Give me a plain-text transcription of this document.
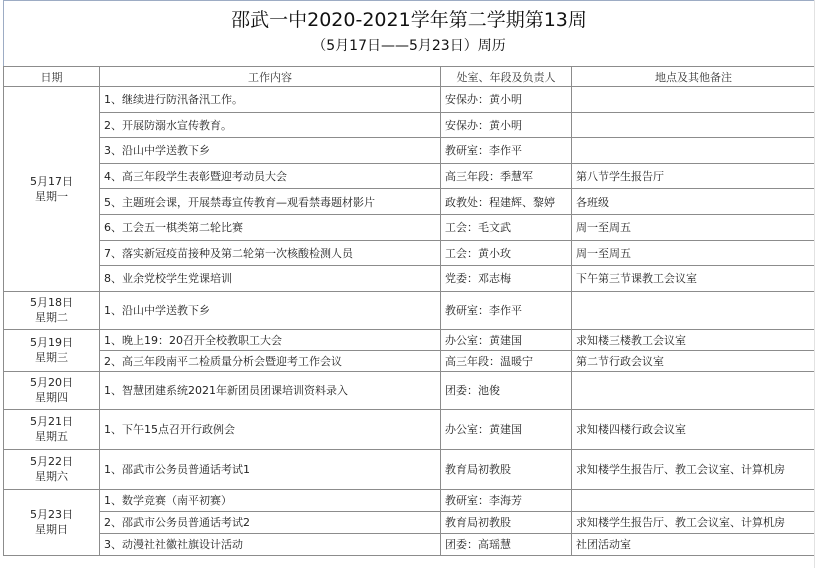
邵武一中2020-2021学年第二学期第13周
（5月17日——5月23日）周历
日期	工作内容	处室、年段及负责人	地点及其他备注

5月17日
星期一	1、继续进行防汛备汛工作。	安保办：黄小明	
	2、开展防溺水宣传教育。	安保办：黄小明	
	3、沿山中学送教下乡	教研室：李作平	
	4、高三年段学生表彰暨迎考动员大会	高三年段：季慧军	第八节学生报告厅
	5、主题班会课，开展禁毒宣传教育—观看禁毒题材影片	政教处：程建辉、黎婷	各班级
	6、工会五一棋类第二轮比赛	工会：毛文武	周一至周五
	7、落实新冠疫苗接种及第二轮第一次核酸检测人员	工会：黄小玫	周一至周五
	8、业余党校学生党课培训	党委：邓志梅	下午第三节课教工会议室

5月18日
星期二	1、沿山中学送教下乡	教研室：李作平	

5月19日
星期三	1、晚上19：20召开全校教职工大会	办公室：黄建国	求知楼三楼教工会议室
	2、高三年段南平二检质量分析会暨迎考工作会议	高三年段：温暖宁	第二节行政会议室

5月20日
星期四	1、智慧团建系统2021年新团员团课培训资料录入	团委：池俊	

5月21日
星期五	1、下午15点召开行政例会	办公室：黄建国	求知楼四楼行政会议室

5月22日
星期六	1、邵武市公务员普通话考试1	教育局初教股	求知楼学生报告厅、教工会议室、计算机房

5月23日
星期日	1、数学竞赛（南平初赛）	教研室：李海芳	
	2、邵武市公务员普通话考试2	教育局初教股	求知楼学生报告厅、教工会议室、计算机房
	3、动漫社社徽社旗设计活动	团委：高瑶慧	社团活动室
